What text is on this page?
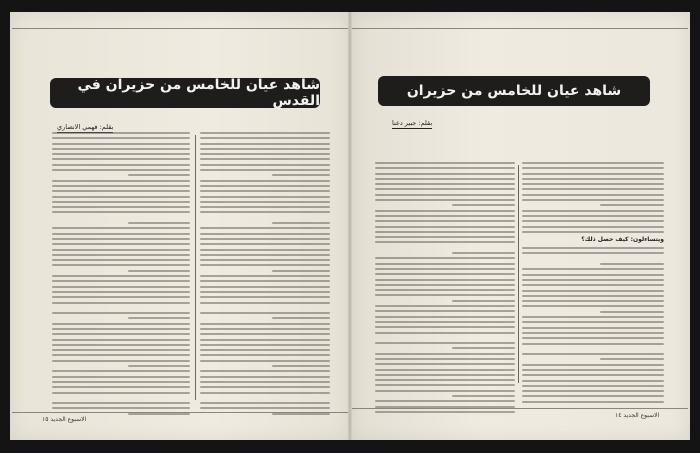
شاهد عيان للخامس من حزيران في القدس
بقلم: فهمي الانصاري
الاسبوع الجديد ١٥
شاهد عيان للخامس من حزيران
بقلم: جبير دعنا
ويتساءلون: كيف حصل ذلك؟
الاسبوع الجديد ١٤
